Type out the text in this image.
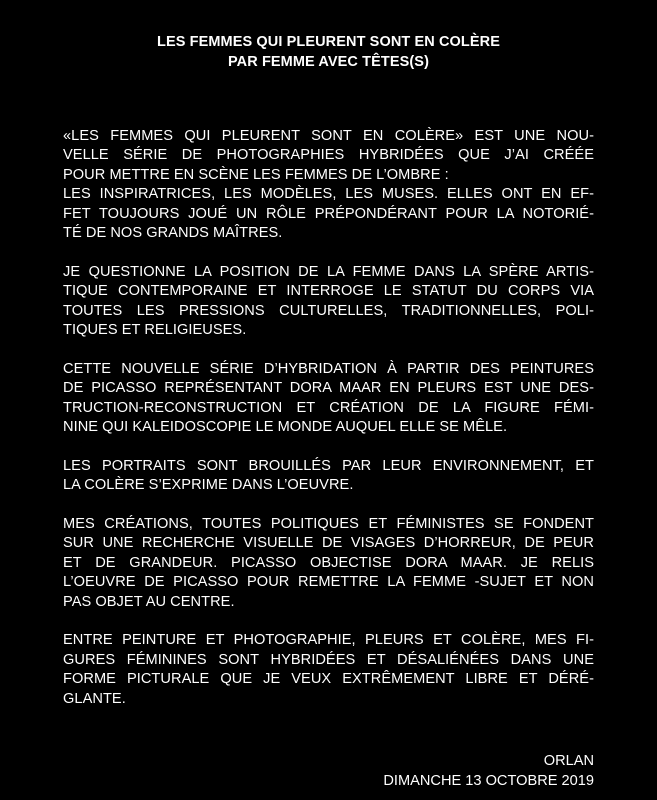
LES FEMMES QUI PLEURENT SONT EN COLÈRE
PAR FEMME AVEC TÊTES(S)
«LES FEMMES QUI PLEURENT SONT EN COLÈRE» EST UNE NOU-
VELLE SÉRIE DE PHOTOGRAPHIES HYBRIDÉES QUE J’AI CRÉÉE
POUR METTRE EN SCÈNE LES FEMMES DE L’OMBRE :
LES INSPIRATRICES, LES MODÈLES, LES MUSES. ELLES ONT EN EF-
FET TOUJOURS JOUÉ UN RÔLE PRÉPONDÉRANT POUR LA NOTORIÉ-
TÉ DE NOS GRANDS MAÎTRES.
JE QUESTIONNE LA POSITION DE LA FEMME DANS LA SPÈRE ARTIS-
TIQUE CONTEMPORAINE ET INTERROGE LE STATUT DU CORPS VIA
TOUTES LES PRESSIONS CULTURELLES, TRADITIONNELLES, POLI-
TIQUES ET RELIGIEUSES.
CETTE NOUVELLE SÉRIE D’HYBRIDATION À PARTIR DES PEINTURES
DE PICASSO REPRÉSENTANT DORA MAAR EN PLEURS EST UNE DES-
TRUCTION-RECONSTRUCTION ET CRÉATION DE LA FIGURE FÉMI-
NINE QUI KALEIDOSCOPIE LE MONDE AUQUEL ELLE SE MÊLE.
LES PORTRAITS SONT BROUILLÉS PAR LEUR ENVIRONNEMENT, ET
LA COLÈRE S’EXPRIME DANS L’OEUVRE.
MES CRÉATIONS, TOUTES POLITIQUES ET FÉMINISTES SE FONDENT
SUR UNE RECHERCHE VISUELLE DE VISAGES D’HORREUR, DE PEUR
ET DE GRANDEUR. PICASSO OBJECTISE DORA MAAR. JE RELIS
L’OEUVRE DE PICASSO POUR REMETTRE LA FEMME -SUJET ET NON
PAS OBJET AU CENTRE.
ENTRE PEINTURE ET PHOTOGRAPHIE, PLEURS ET COLÈRE, MES FI-
GURES FÉMININES SONT HYBRIDÉES ET DÉSALIÉNÉES DANS UNE
FORME PICTURALE QUE JE VEUX EXTRÊMEMENT LIBRE ET DÉRÉ-
GLANTE.
ORLAN
DIMANCHE 13 OCTOBRE 2019
